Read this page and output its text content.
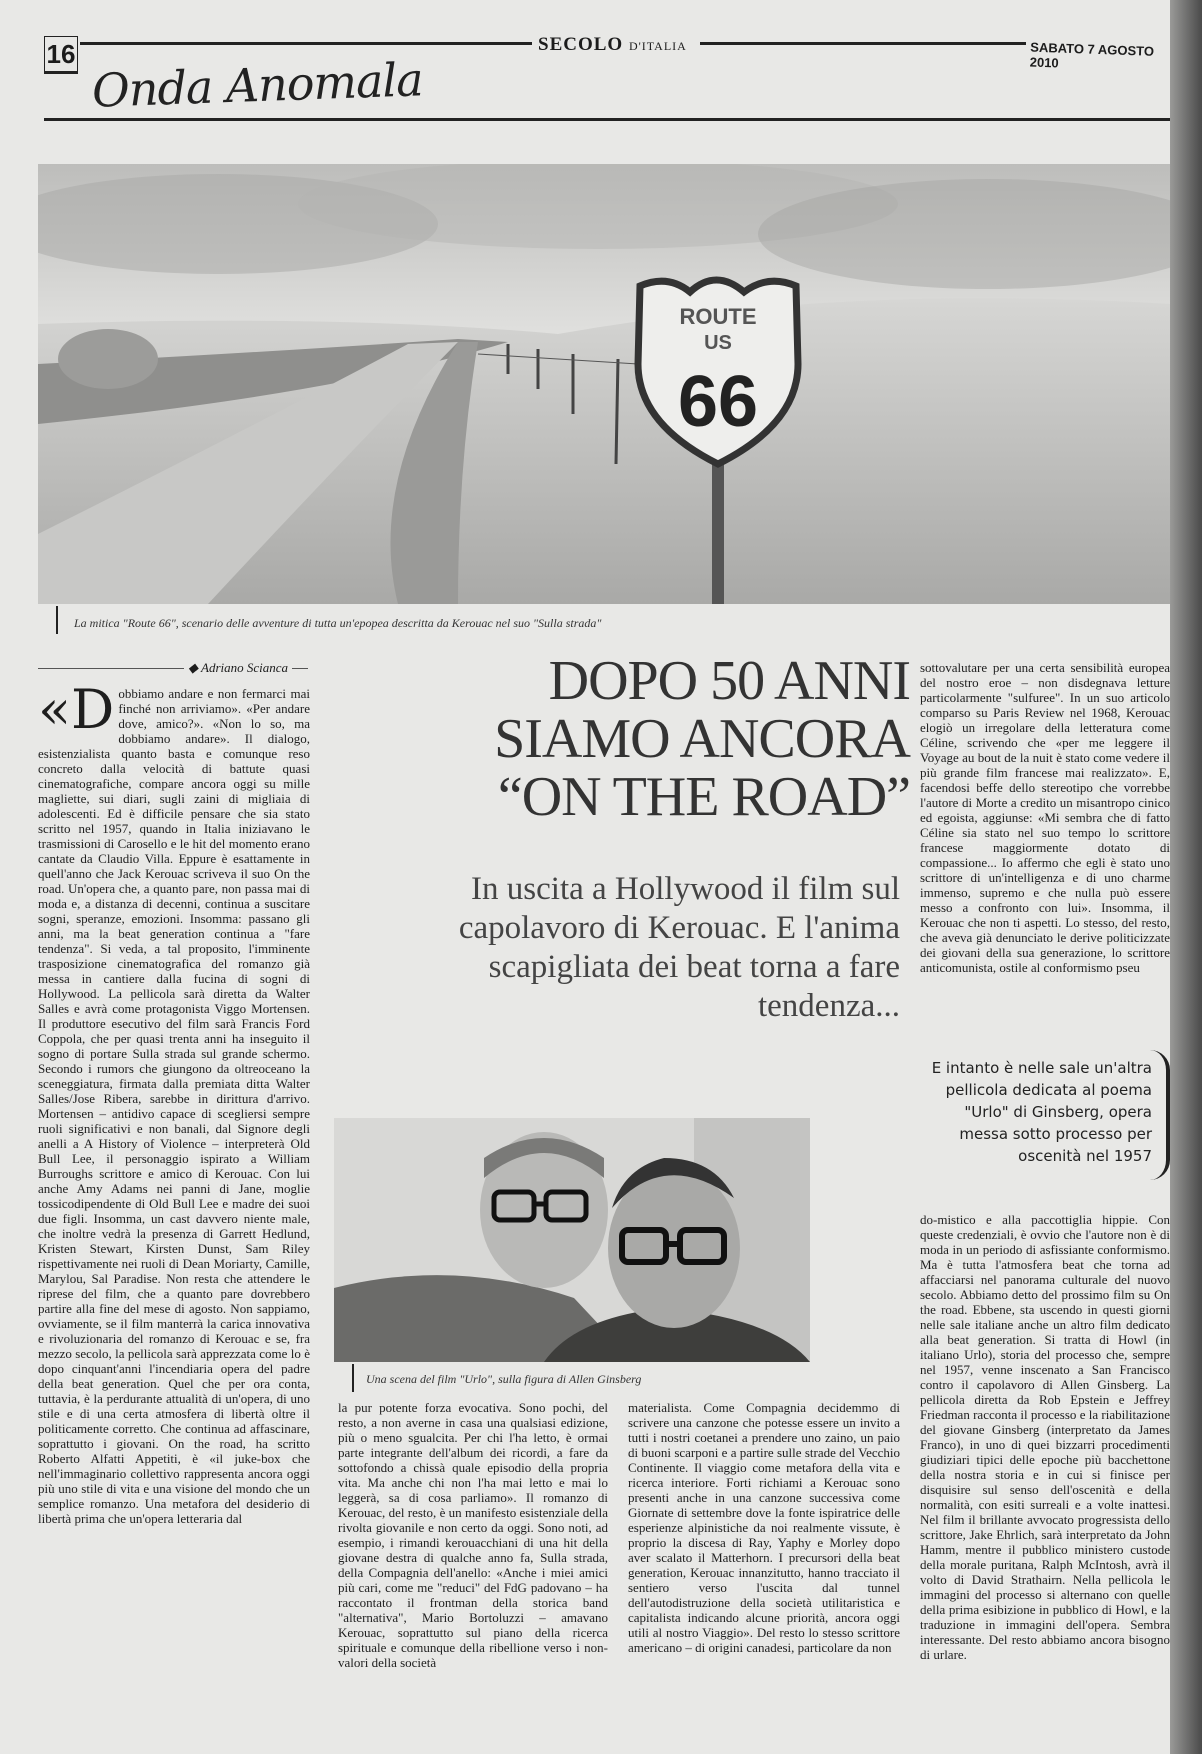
16	SECOLO D'ITALIA	SABATO 7 AGOSTO 2010
Onda Anomala
ROUTE
US
66
La mitica "Route 66", scenario delle avventure di tutta un'epopea descritta da Kerouac nel suo "Sulla strada"
◆ Adriano Scianca

«Dobbiamo andare e non fermarci mai finché non arriviamo». «Per andare dove, amico?». «Non lo so, ma dobbiamo andare». Il dialogo, esistenzialista quanto basta e comunque reso concreto dalla velocità di battute quasi cinematografiche, compare ancora oggi su mille magliette, sui diari, sugli zaini di migliaia di adolescenti. Ed è difficile pensare che sia stato scritto nel 1957, quando in Italia iniziavano le trasmissioni di Carosello e le hit del momento erano cantate da Claudio Villa. Eppure è esattamente in quell'anno che Jack Kerouac scriveva il suo On the road. Un'opera che, a quanto pare, non passa mai di moda e, a distanza di decenni, continua a suscitare sogni, speranze, emozioni. Insomma: passano gli anni, ma la beat generation continua a "fare tendenza". Si veda, a tal proposito, l'imminente trasposizione cinematografica del romanzo già messa in cantiere dalla fucina di sogni di Hollywood. La pellicola sarà diretta da Walter Salles e avrà come protagonista Viggo Mortensen. Il produttore esecutivo del film sarà Francis Ford Coppola, che per quasi trenta anni ha inseguito il sogno di portare Sulla strada sul grande schermo. Secondo i rumors che giungono da oltreoceano la sceneggiatura, firmata dalla premiata ditta Walter Salles/Jose Ribera, sarebbe in dirittura d'arrivo. Mortensen – antidivo capace di scegliersi sempre ruoli significativi e non banali, dal Signore degli anelli a A History of Violence – interpreterà Old Bull Lee, il personaggio ispirato a William Burroughs scrittore e amico di Kerouac. Con lui anche Amy Adams nei panni di Jane, moglie tossicodipendente di Old Bull Lee e madre dei suoi due figli. Insomma, un cast davvero niente male, che inoltre vedrà la presenza di Garrett Hedlund, Kristen Stewart, Kirsten Dunst, Sam Riley rispettivamente nei ruoli di Dean Moriarty, Camille, Marylou, Sal Paradise. Non resta che attendere le riprese del film, che a quanto pare dovrebbero partire alla fine del mese di agosto. Non sappiamo, ovviamente, se il film manterrà la carica innovativa e rivoluzionaria del romanzo di Kerouac e se, fra mezzo secolo, la pellicola sarà apprezzata come lo è dopo cinquant'anni l'incendiaria opera del padre della beat generation. Quel che per ora conta, tuttavia, è la perdurante attualità di un'opera, di uno stile e di una certa atmosfera di libertà oltre il politicamente corretto. Che continua ad affascinare, soprattutto i giovani. On the road, ha scritto Roberto Alfatti Appetiti, è «il juke-box che nell'immaginario collettivo rappresenta ancora oggi più uno stile di vita e una visione del mondo che un semplice romanzo. Una metafora del desiderio di libertà prima che un'opera letteraria dal

DOPO 50 ANNI
SIAMO ANCORA
“ON THE ROAD”
In uscita a Hollywood il film sul capolavoro di Kerouac. E l'anima scapigliata dei beat torna a fare tendenza...

sottovalutare per una certa sensibilità europea del nostro eroe – non disdegnava letture particolarmente "sulfuree". In un suo articolo comparso su Paris Review nel 1968, Kerouac elogiò un irregolare della letteratura come Céline, scrivendo che «per me leggere il Voyage au bout de la nuit è stato come vedere il più grande film francese mai realizzato». E, facendosi beffe dello stereotipo che vorrebbe l'autore di Morte a credito un misantropo cinico ed egoista, aggiunse: «Mi sembra che di fatto Céline sia stato nel suo tempo lo scrittore francese maggiormente dotato di compassione... Io affermo che egli è stato uno scrittore di un'intelligenza e di uno charme immenso, supremo e che nulla può essere messo a confronto con lui». Insomma, il Kerouac che non ti aspetti. Lo stesso, del resto, che aveva già denunciato le derive politicizzate dei giovani della sua generazione, lo scrittore anticomunista, ostile al conformismo pseu

E intanto è nelle sale un'altra pellicola dedicata al poema "Urlo" di Ginsberg, opera messa sotto processo per oscenità nel 1957
Una scena del film "Urlo", sulla figura di Allen Ginsberg

la pur potente forza evocativa. Sono pochi, del resto, a non averne in casa una qualsiasi edizione, più o meno sgualcita. Per chi l'ha letto, è ormai parte integrante dell'album dei ricordi, a fare da sottofondo a chissà quale episodio della propria vita. Ma anche chi non l'ha mai letto e mai lo leggerà, sa di cosa parliamo». Il romanzo di Kerouac, del resto, è un manifesto esistenziale della rivolta giovanile e non certo da oggi. Sono noti, ad esempio, i rimandi kerouacchiani di una hit della giovane destra di qualche anno fa, Sulla strada, della Compagnia dell'anello: «Anche i miei amici più cari, come me "reduci" del FdG padovano – ha raccontato il frontman della storica band "alternativa", Mario Bortoluzzi – amavano Kerouac, soprattutto sul piano della ricerca spirituale e comunque della ribellione verso i non-valori della società

materialista. Come Compagnia decidemmo di scrivere una canzone che potesse essere un invito a tutti i nostri coetanei a prendere uno zaino, un paio di buoni scarponi e a partire sulle strade del Vecchio Continente. Il viaggio come metafora della vita e ricerca interiore. Forti richiami a Kerouac sono presenti anche in una canzone successiva come Giornate di settembre dove la fonte ispiratrice delle esperienze alpinistiche da noi realmente vissute, è proprio la discesa di Ray, Yaphy e Morley dopo aver scalato il Matterhorn. I precursori della beat generation, Kerouac innanzitutto, hanno tracciato il sentiero verso l'uscita dal tunnel dell'autodistruzione della società utilitaristica e capitalista indicando alcune priorità, ancora oggi utili al nostro Viaggio». Del resto lo stesso scrittore americano – di origini canadesi, particolare da non

do-mistico e alla paccottiglia hippie. Con queste credenziali, è ovvio che l'autore non è di moda in un periodo di asfissiante conformismo. Ma è tutta l'atmosfera beat che torna ad affacciarsi nel panorama culturale del nuovo secolo. Abbiamo detto del prossimo film su On the road. Ebbene, sta uscendo in questi giorni nelle sale italiane anche un altro film dedicato alla beat generation. Si tratta di Howl (in italiano Urlo), storia del processo che, sempre nel 1957, venne inscenato a San Francisco contro il capolavoro di Allen Ginsberg. La pellicola diretta da Rob Epstein e Jeffrey Friedman racconta il processo e la riabilitazione del giovane Ginsberg (interpretato da James Franco), in uno di quei bizzarri procedimenti giudiziari tipici delle epoche più bacchettone della nostra storia e in cui si finisce per disquisire sul senso dell'oscenità e della normalità, con esiti surreali e a volte inattesi. Nel film il brillante avvocato progressista dello scrittore, Jake Ehrlich, sarà interpretato da John Hamm, mentre il pubblico ministero custode della morale puritana, Ralph McIntosh, avrà il volto di David Strathairn. Nella pellicola le immagini del processo si alternano con quelle della prima esibizione in pubblico di Howl, e la traduzione in immagini dell'opera. Sembra interessante. Del resto abbiamo ancora bisogno di urlare.
